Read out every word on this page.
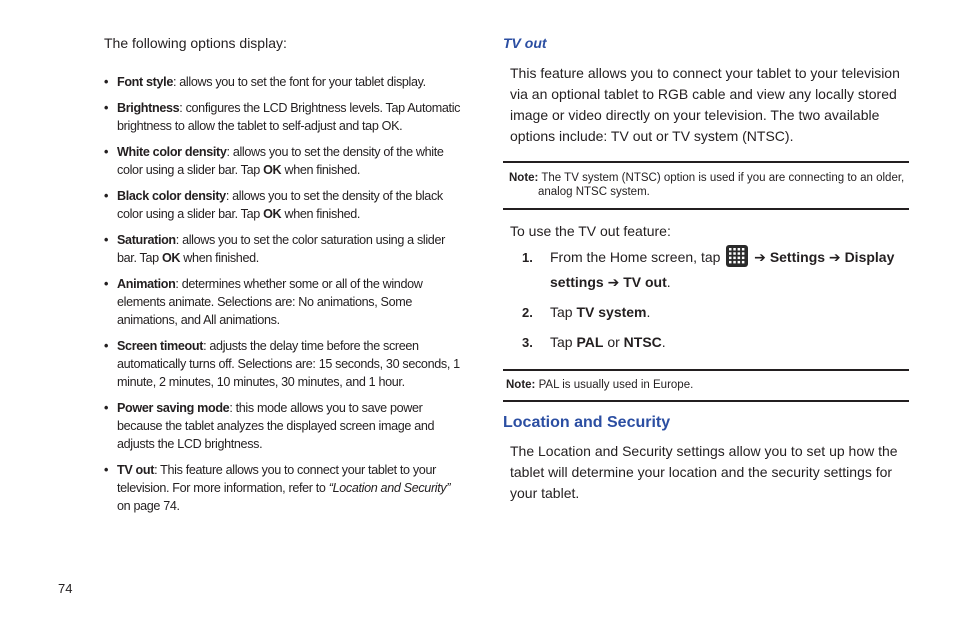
The following options display:

• Font style: allows you to set the font for your tablet display.
• Brightness: configures the LCD Brightness levels. Tap Automatic brightness to allow the tablet to self-adjust and tap OK.
• White color density: allows you to set the density of the white color using a slider bar. Tap OK when finished.
• Black color density: allows you to set the density of the black color using a slider bar. Tap OK when finished.
• Saturation: allows you to set the color saturation using a slider bar. Tap OK when finished.
• Animation: determines whether some or all of the window elements animate. Selections are: No animations, Some animations, and All animations.
• Screen timeout: adjusts the delay time before the screen automatically turns off. Selections are: 15 seconds, 30 seconds, 1 minute, 2 minutes, 10 minutes, 30 minutes, and 1 hour.
• Power saving mode: this mode allows you to save power because the tablet analyzes the displayed screen image and adjusts the LCD brightness.
• TV out: This feature allows you to connect your tablet to your television. For more information, refer to “Location and Security” on page 74.

TV out

This feature allows you to connect your tablet to your television via an optional tablet to RGB cable and view any locally stored image or video directly on your television. The two available options include: TV out or TV system (NTSC).

Note: The TV system (NTSC) option is used if you are connecting to an older, analog NTSC system.

To use the TV out feature:

1. From the Home screen, tap
➔ Settings ➔ Display settings ➔ TV out.
2. Tap TV system.
3. Tap PAL or NTSC.
Note: PAL is usually used in Europe.

Location and Security

The Location and Security settings allow you to set up how the tablet will determine your location and the security settings for your tablet.

74
